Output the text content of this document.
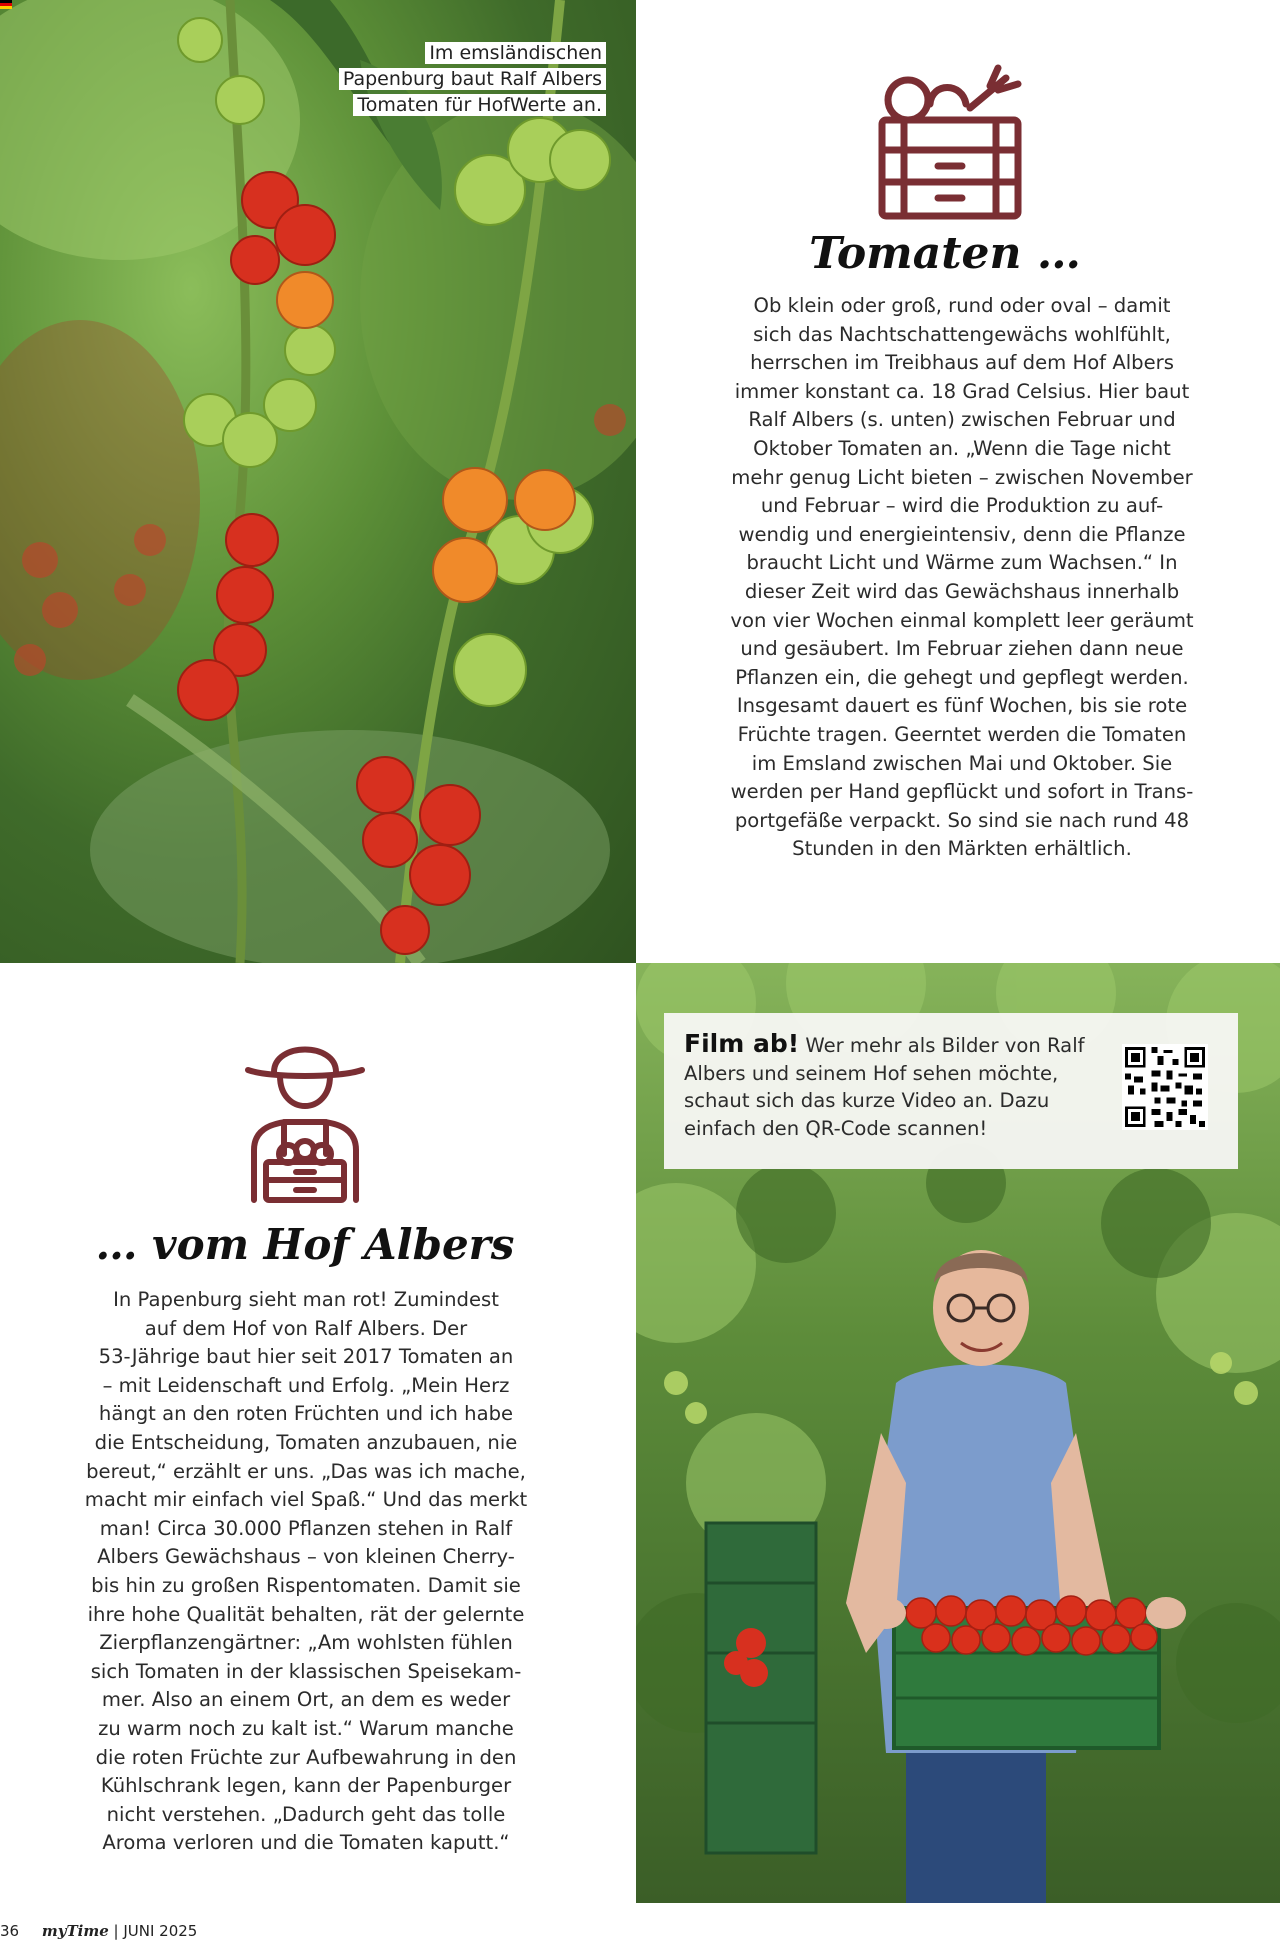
Im emsländischen
Papenburg baut Ralf Albers
Tomaten für HofWerte an.
Tomaten …
Ob klein oder groß, rund oder oval – damit
sich das Nachtschattengewächs wohlfühlt,
herrschen im Treibhaus auf dem Hof Albers
immer konstant ca. 18 Grad Celsius. Hier baut
Ralf Albers (s. unten) zwischen Februar und
Oktober Tomaten an. „Wenn die Tage nicht
mehr genug Licht bieten – zwischen November
und Februar – wird die Produktion zu auf-
wendig und energieintensiv, denn die Pflanze
braucht Licht und Wärme zum Wachsen.“ In
dieser Zeit wird das Gewächshaus innerhalb
von vier Wochen einmal komplett leer geräumt
und gesäubert. Im Februar ziehen dann neue
Pflanzen ein, die gehegt und gepflegt werden.
Insgesamt dauert es fünf Wochen, bis sie rote
Früchte tragen. Geerntet werden die Tomaten
im Emsland zwischen Mai und Oktober. Sie
werden per Hand gepflückt und sofort in Trans-
portgefäße verpackt. So sind sie nach rund 48
Stunden in den Märkten erhältlich.
… vom Hof Albers
In Papenburg sieht man rot! Zumindest
auf dem Hof von Ralf Albers. Der
53-Jährige baut hier seit 2017 Tomaten an
– mit Leidenschaft und Erfolg. „Mein Herz
hängt an den roten Früchten und ich habe
die Entscheidung, Tomaten anzubauen, nie
bereut,“ erzählt er uns. „Das was ich mache,
macht mir einfach viel Spaß.“ Und das merkt
man! Circa 30.000 Pflanzen stehen in Ralf
Albers Gewächshaus – von kleinen Cherry-
bis hin zu großen Rispentomaten. Damit sie
ihre hohe Qualität behalten, rät der gelernte
Zierpflanzengärtner: „Am wohlsten fühlen
sich Tomaten in der klassischen Speisekam-
mer. Also an einem Ort, an dem es weder
zu warm noch zu kalt ist.“ Warum manche
die roten Früchte zur Aufbewahrung in den
Kühlschrank legen, kann der Papenburger
nicht verstehen. „Dadurch geht das tolle
Aroma verloren und die Tomaten kaputt.“
Film ab! Wer mehr als Bilder von Ralf
Albers und seinem Hof sehen möchte,
schaut sich das kurze Video an. Dazu
einfach den QR-Code scannen!
36 myTime | JUNI 2025
